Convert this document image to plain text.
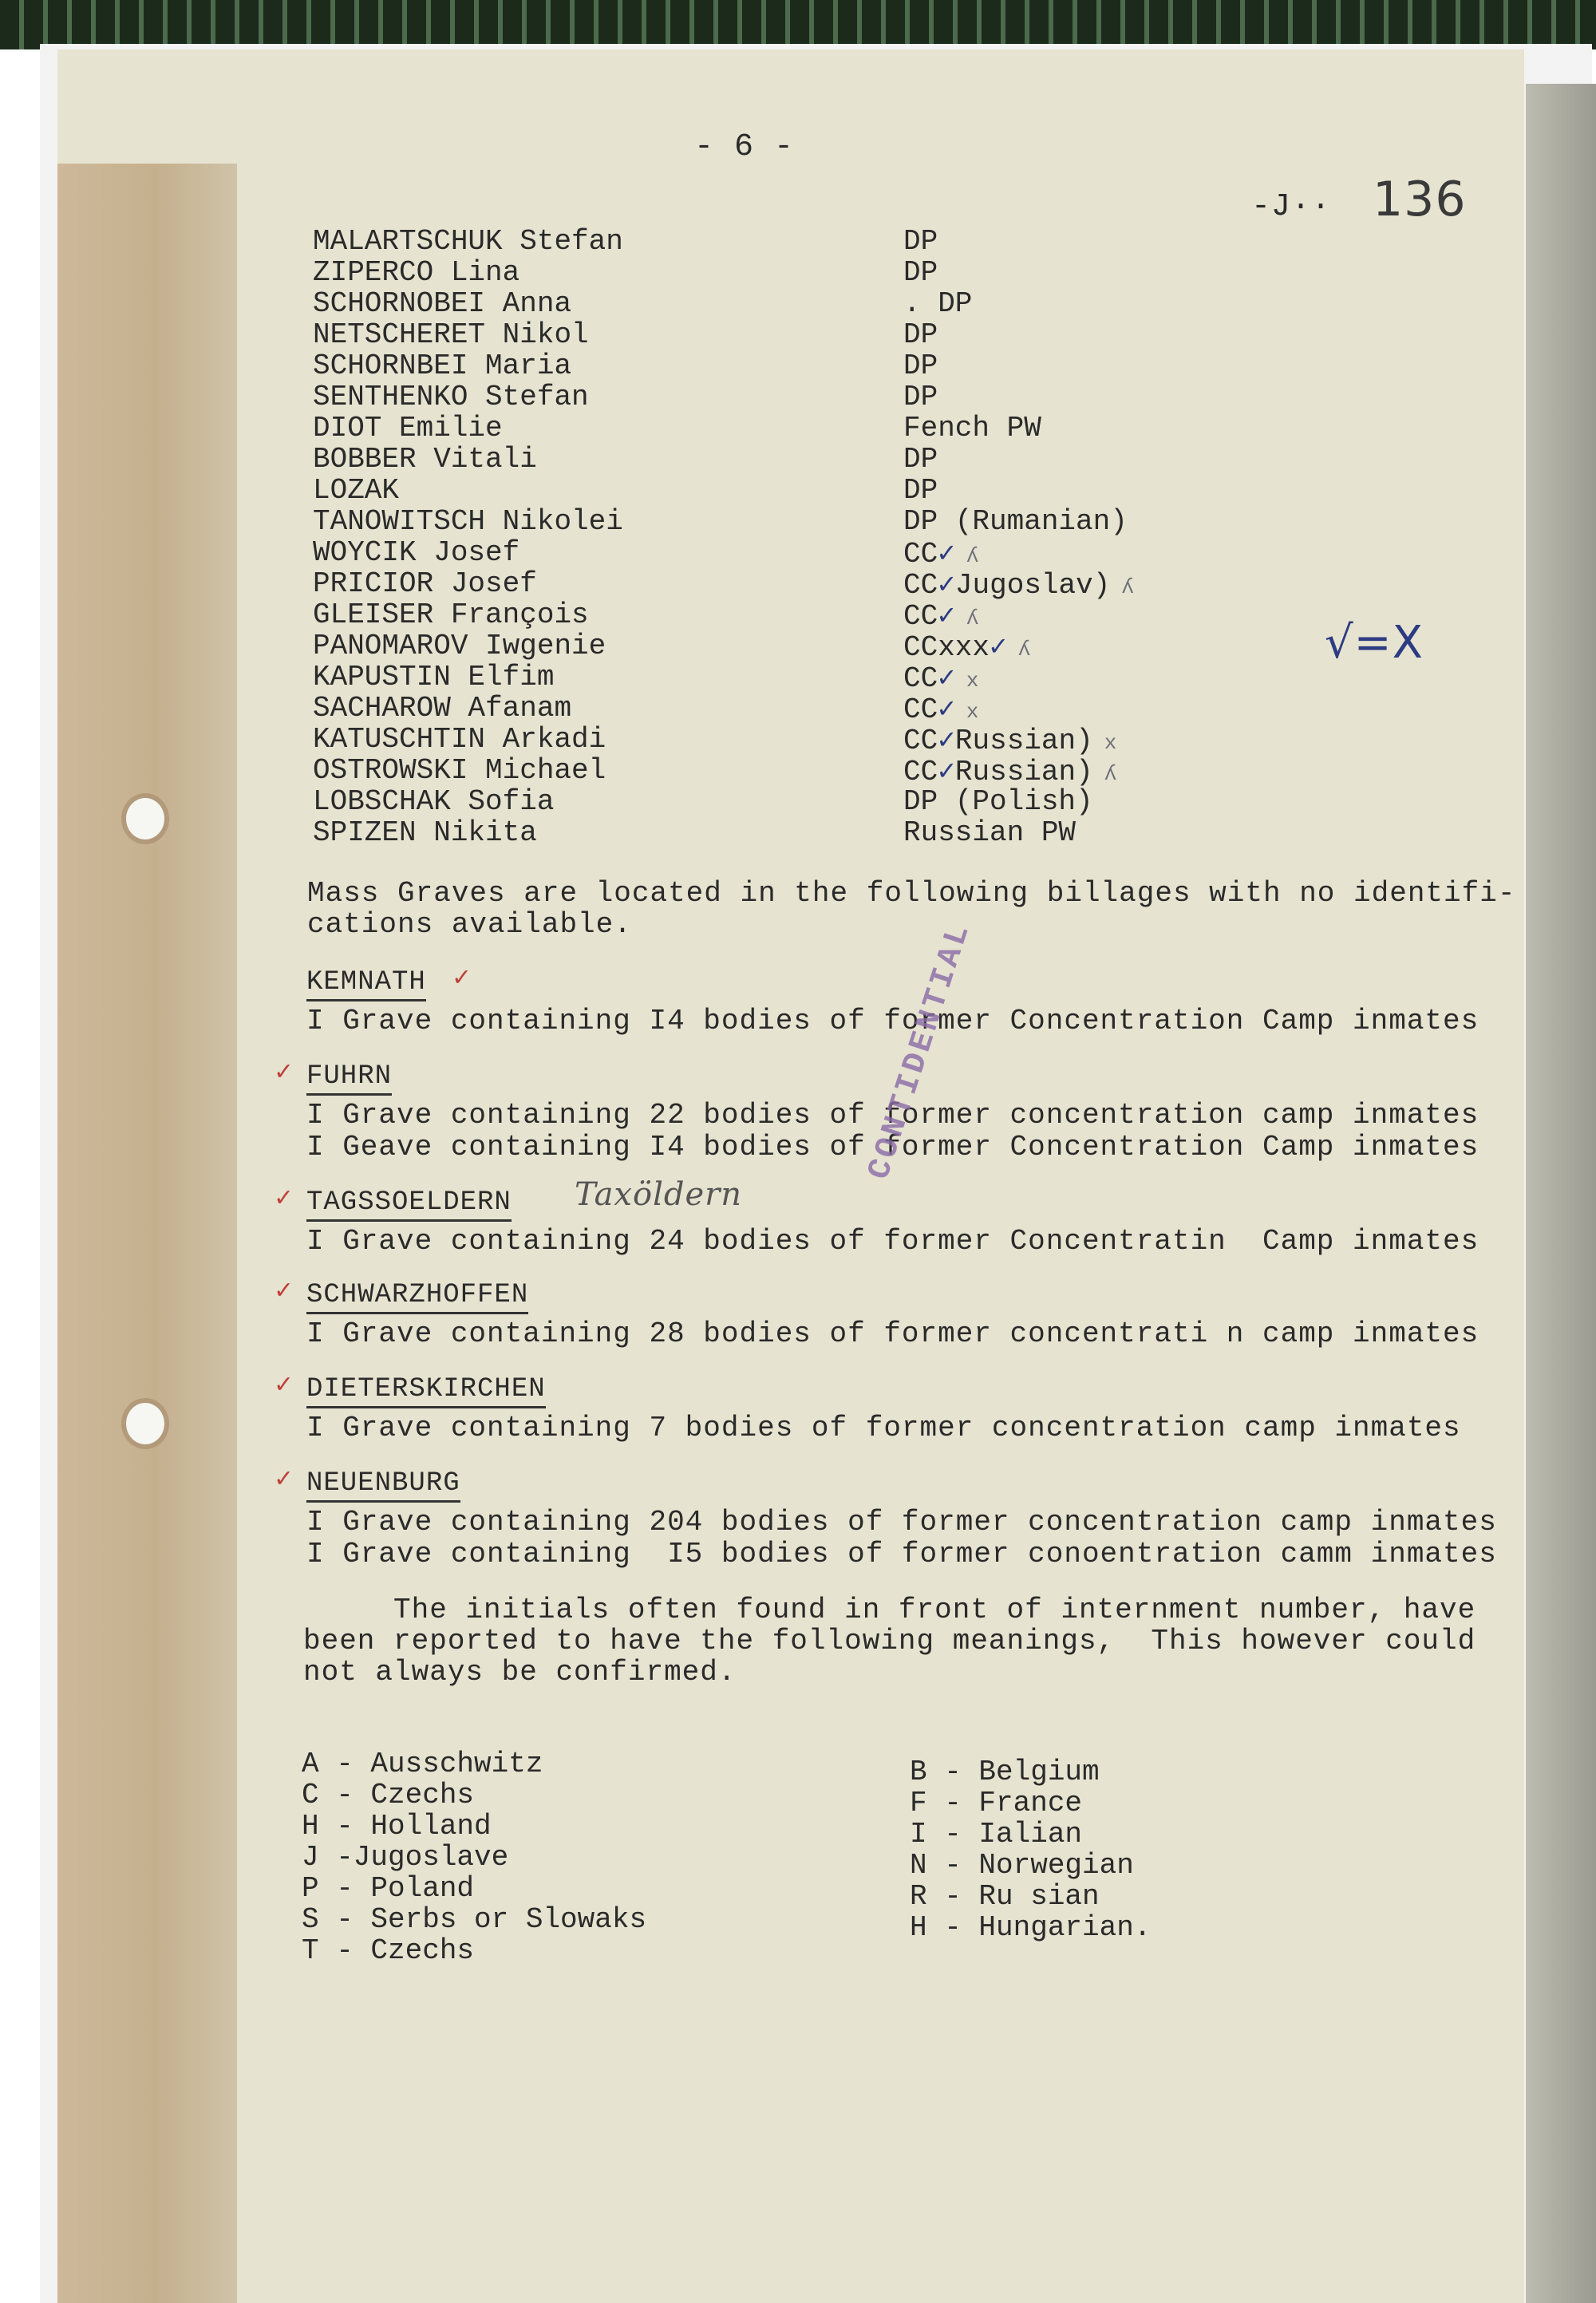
- 6 -
-J·· 136
MALARTSCHUK Stefan
ZIPERCO Lina
SCHORNOBEI Anna
NETSCHERET Nikol
SCHORNBEI Maria
SENTHENKO Stefan
DIOT Emilie
BOBBER Vitali
LOZAK
TANOWITSCH Nikolei
WOYCIK Josef
PRICIOR Josef
GLEISER François
PANOMAROV Iwgenie
KAPUSTIN Elfim
SACHAROW Afanam
KATUSCHTIN Arkadi
OSTROWSKI Michael
LOBSCHAK Sofia
SPIZEN Nikita
DP
DP
. DP
DP
DP
DP
Fench PW
DP
DP
DP (Rumanian)
CC✓ ʎ
CC✓Jugoslav) ʎ
CC✓ ʎ
CCxxx✓ ʎ
CC✓ x
CC✓ x
CC✓Russian) x
CC✓Russian) ʎ
DP (Polish)
Russian PW
√=X
Mass Graves are located in the following billages with no identifi-
cations available.
✓
KEMNATH
I Grave containing I4 bodies of former Concentration Camp inmates
✓ FUHRN
I Grave containing 22 bodies of former concentration camp inmates
I Geave containing I4 bodies of former Concentration Camp inmates
✓ TAGSSOELDERN Taxöldern
I Grave containing 24 bodies of former Concentratin  Camp inmates
✓ SCHWARZHOFFEN
I Grave containing 28 bodies of former concentrati n camp inmates
✓ DIETERSKIRCHEN
I Grave containing 7 bodies of former concentration camp inmates
✓ NEUENBURG
I Grave containing 204 bodies of former concentration camp inmates
I Grave containing  I5 bodies of former conoentration camm inmates
The initials often found in front of internment number, have
been reported to have the following meanings,  This however could
not always be confirmed.
A - Ausschwitz
C - Czechs
H - Holland
J -Jugoslave
P - Poland
S - Serbs or Slowaks
T - Czechs
B - Belgium
F - France
I - Ialian
N - Norwegian
R - Ru sian
H - Hungarian.
CONTIDENTIAL
